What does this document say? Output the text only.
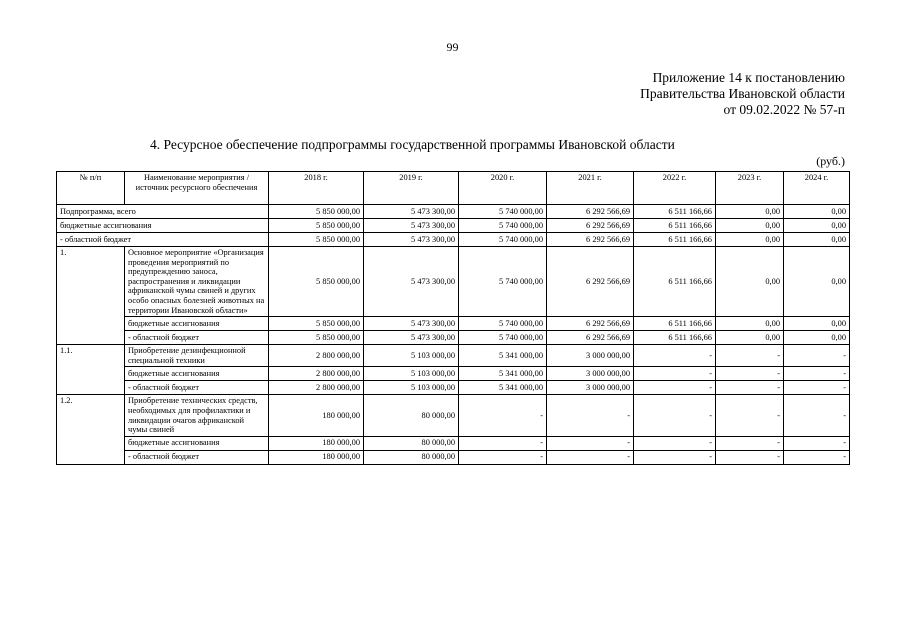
99
Приложение 14 к постановлению
Правительства Ивановской области
от 09.02.2022 № 57-п
4. Ресурсное обеспечение подпрограммы государственной программы Ивановской области
(руб.)
№ п/п	Наименование мероприятия / источник ресурсного обеспечения	2018 г.	2019 г.	2020 г.	2021 г.	2022 г.	2023 г.	2024 г.
Подпрограмма, всего		5 850 000,00	5 473 300,00	5 740 000,00	6 292 566,69	6 511 166,66	0,00	0,00
бюджетные ассигнования		5 850 000,00	5 473 300,00	5 740 000,00	6 292 566,69	6 511 166,66	0,00	0,00
- областной бюджет		5 850 000,00	5 473 300,00	5 740 000,00	6 292 566,69	6 511 166,66	0,00	0,00
1.	Основное мероприятие «Организация проведения мероприятий по предупреждению заноса, распространения и ликвидации африканской чумы свиней и других особо опасных болезней животных на территории Ивановской области»	5 850 000,00	5 473 300,00	5 740 000,00	6 292 566,69	6 511 166,66	0,00	0,00
	бюджетные ассигнования	5 850 000,00	5 473 300,00	5 740 000,00	6 292 566,69	6 511 166,66	0,00	0,00
	- областной бюджет	5 850 000,00	5 473 300,00	5 740 000,00	6 292 566,69	6 511 166,66	0,00	0,00
1.1.	Приобретение дезинфекционной специальной техники	2 800 000,00	5 103 000,00	5 341 000,00	3 000 000,00	-	-	-
	бюджетные ассигнования	2 800 000,00	5 103 000,00	5 341 000,00	3 000 000,00	-	-	-
	- областной бюджет	2 800 000,00	5 103 000,00	5 341 000,00	3 000 000,00	-	-	-
1.2.	Приобретение технических средств, необходимых для профилактики и ликвидации очагов африканской чумы свиней	180 000,00	80 000,00	-	-	-	-	-
	бюджетные ассигнования	180 000,00	80 000,00	-	-	-	-	-
	- областной бюджет	180 000,00	80 000,00	-	-	-	-	-
